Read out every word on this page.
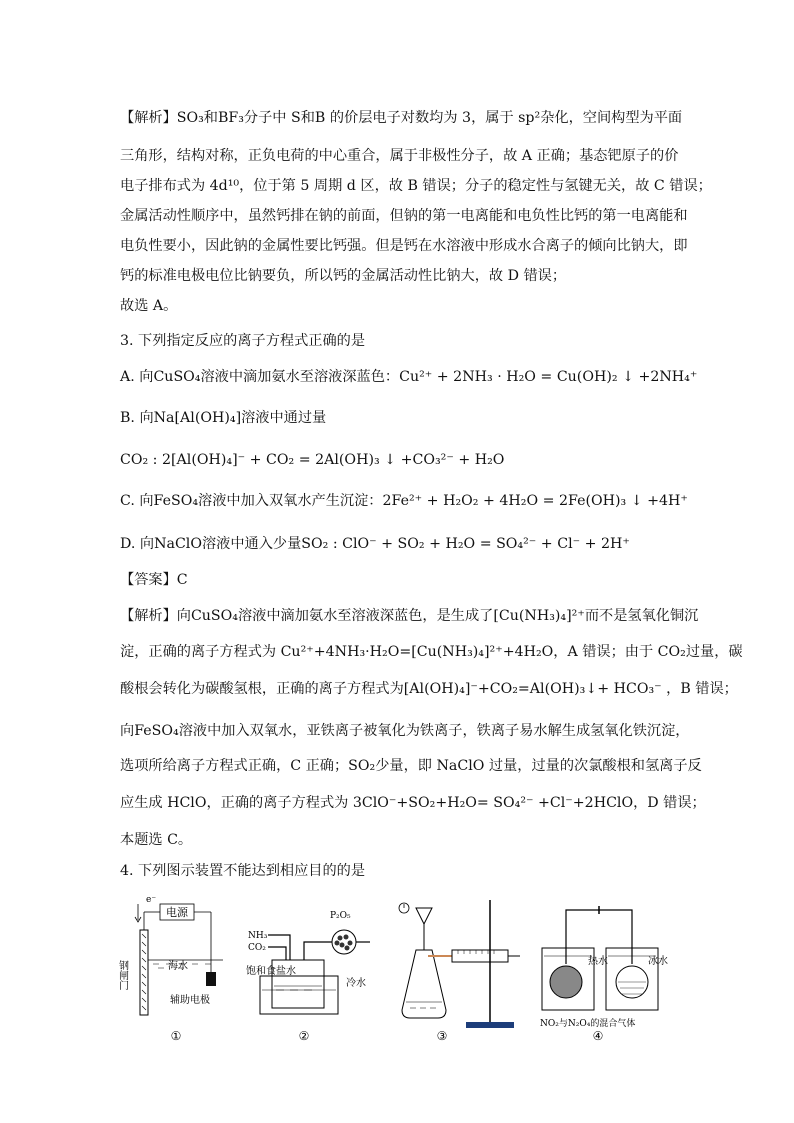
【解析】SO₃和BF₃分子中 S和B 的价层电子对数均为 3，属于 sp²杂化，空间构型为平面
三角形，结构对称，正负电荷的中心重合，属于非极性分子，故 A 正确；基态钯原子的价
电子排布式为 4d¹⁰，位于第 5 周期 d 区，故 B 错误；分子的稳定性与氢键无关，故 C 错误；
金属活动性顺序中，虽然钙排在钠的前面，但钠的第一电离能和电负性比钙的第一电离能和
电负性要小，因此钠的金属性要比钙强。但是钙在水溶液中形成水合离子的倾向比钠大，即
钙的标准电极电位比钠要负，所以钙的金属活动性比钠大，故 D 错误；
故选 A。
3. 下列指定反应的离子方程式正确的是
A. 向CuSO₄溶液中滴加氨水至溶液深蓝色：Cu²⁺ + 2NH₃ · H₂O = Cu(OH)₂ ↓ +2NH₄⁺
B. 向Na[Al(OH)₄]溶液中通过量
CO₂ : 2[Al(OH)₄]⁻ + CO₂ = 2Al(OH)₃ ↓ +CO₃²⁻ + H₂O
C. 向FeSO₄溶液中加入双氧水产生沉淀：2Fe²⁺ + H₂O₂ + 4H₂O = 2Fe(OH)₃ ↓ +4H⁺
D. 向NaClO溶液中通入少量SO₂ : ClO⁻ + SO₂ + H₂O = SO₄²⁻ + Cl⁻ + 2H⁺
【答案】C
【解析】向CuSO₄溶液中滴加氨水至溶液深蓝色，是生成了[Cu(NH₃)₄]²⁺而不是氢氧化铜沉
淀，正确的离子方程式为 Cu²⁺+4NH₃·H₂O=[Cu(NH₃)₄]²⁺+4H₂O，A 错误；由于 CO₂过量，碳
酸根会转化为碳酸氢根，正确的离子方程式为[Al(OH)₄]⁻+CO₂=Al(OH)₃↓+ HCO₃⁻ ，B 错误；
向FeSO₄溶液中加入双氧水，亚铁离子被氧化为铁离子，铁离子易水解生成氢氧化铁沉淀，
选项所给离子方程式正确，C 正确；SO₂少量，即 NaClO 过量，过量的次氯酸根和氢离子反
应生成 HClO，正确的离子方程式为 3ClO⁻+SO₂+H₂O= SO₄²⁻ +Cl⁻+2HClO，D 错误；
本题选 C。
4. 下列图示装置不能达到相应目的的是
电源
e⁻
海水
辅助电极
钢闸门
①
NH₃
CO₂
P₂O₅
饱和食盐水
冷水
②	③
热水	冰水
NO₂与N₂O₄的混合气体
④
